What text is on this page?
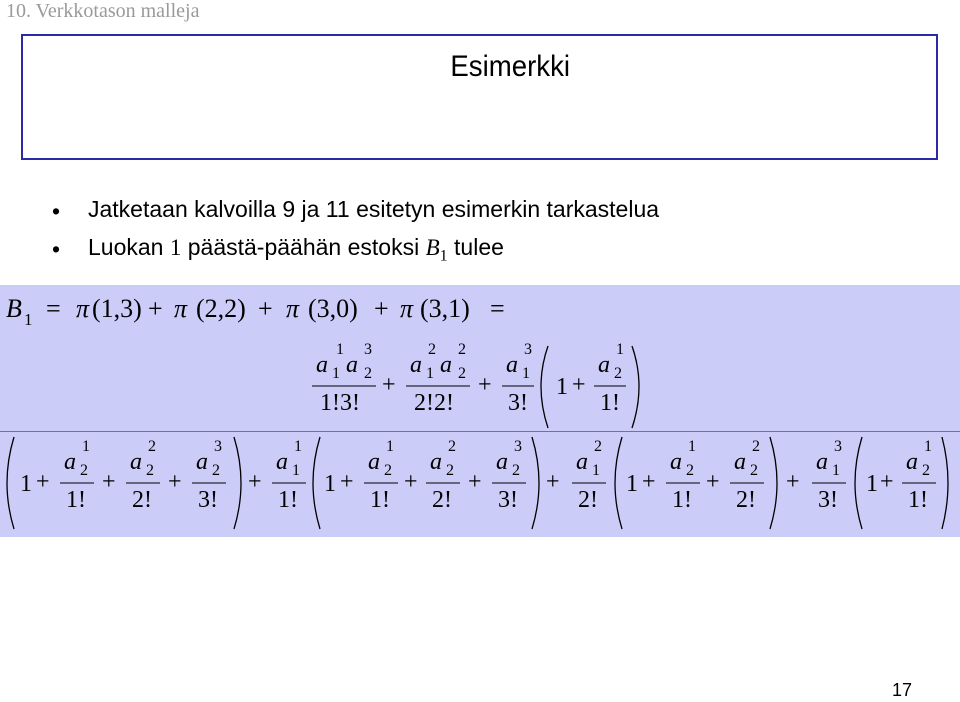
10. Verkkotason malleja
Esimerkki
• Jatketaan kalvoilla 9 ja 11 esitetyn esimerkin tarkastelua
• Luokan 1 päästä-päähän estoksi $B_1$ tulee
B 1 = π (1,3) + π (2,2) + π (3,0) + π (3,1) =
a
1
1 a
3
2
1!3!
+
a
2
1 a
2
2
2!2!
+
a
3
1
3!
1 +
a
1
2
1!
1 +
a
1
2
1!
+
a
2
2
2!
+
a
3
2
3!
+
a
1
1
1!
1 +
a
1
2
1!
+
a
2
2
2!
+
a
3
2
3!
+
a
2
1
2!
1 +
a
1
2
1!
+
a
2
2
2!
+
a
3
1
3!
1 +
a
1
2
1!
17
